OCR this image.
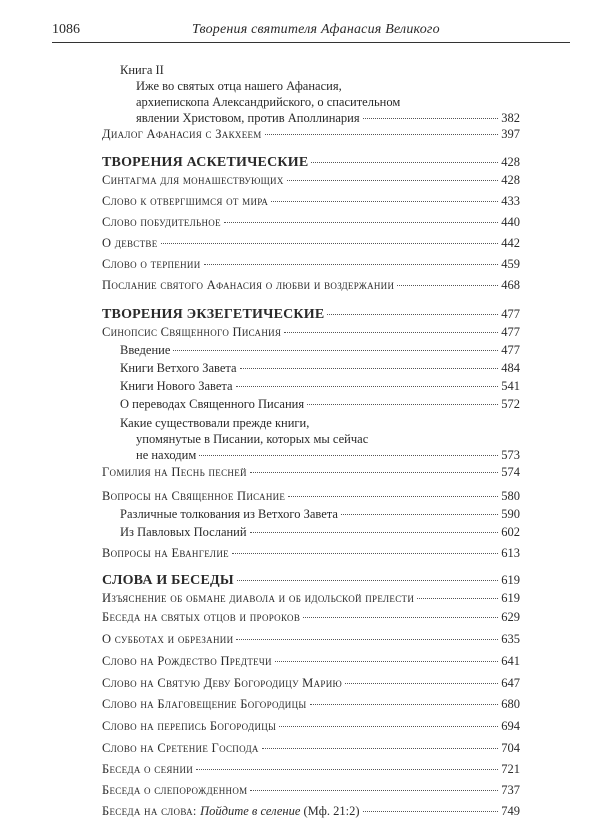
1086	Творения святителя Афанасия Великого
Книга II
Иже во святых отца нашего Афанасия,
архиепископа Александрийского, о спасительном
явлении Христовом, против Аполлинария	382
Диалог Афанасия с Закхеем	397
ТВОРЕНИЯ АСКЕТИЧЕСКИЕ	428
Синтагма для монашествующих	428
Слово к отвергшимся от мира	433
Слово побудительное	440
О девстве	442
Слово о терпении	459
Послание святого Афанасия о любви и воздержании	468
ТВОРЕНИЯ ЭКЗЕГЕТИЧЕСКИЕ	477
Синопсис Священного Писания	477
Введение	477
Книги Ветхого Завета	484
Книги Нового Завета	541
О переводах Священного Писания	572
Какие существовали прежде книги,
упомянутые в Писании, которых мы сейчас
не находим	573
Гомилия на Песнь песней	574
Вопросы на Священное Писание	580
Различные толкования из Ветхого Завета	590
Из Павловых Посланий	602
Вопросы на Евангелие	613
СЛОВА И БЕСЕДЫ	619
Изъяснение об обмане диавола и об идольской прелести	619
Беседа на святых отцов и пророков	629
О субботах и обрезании	635
Слово на Рождество Предтечи	641
Слово на Святую Деву Богородицу Марию	647
Слово на Благовещение Богородицы	680
Слово на перепись Богородицы	694
Слово на Сретение Господа	704
Беседа о сеянии	721
Беседа о слепорожденном	737
Беседа на слова: Пойдите в селение (Мф. 21:2)	749
